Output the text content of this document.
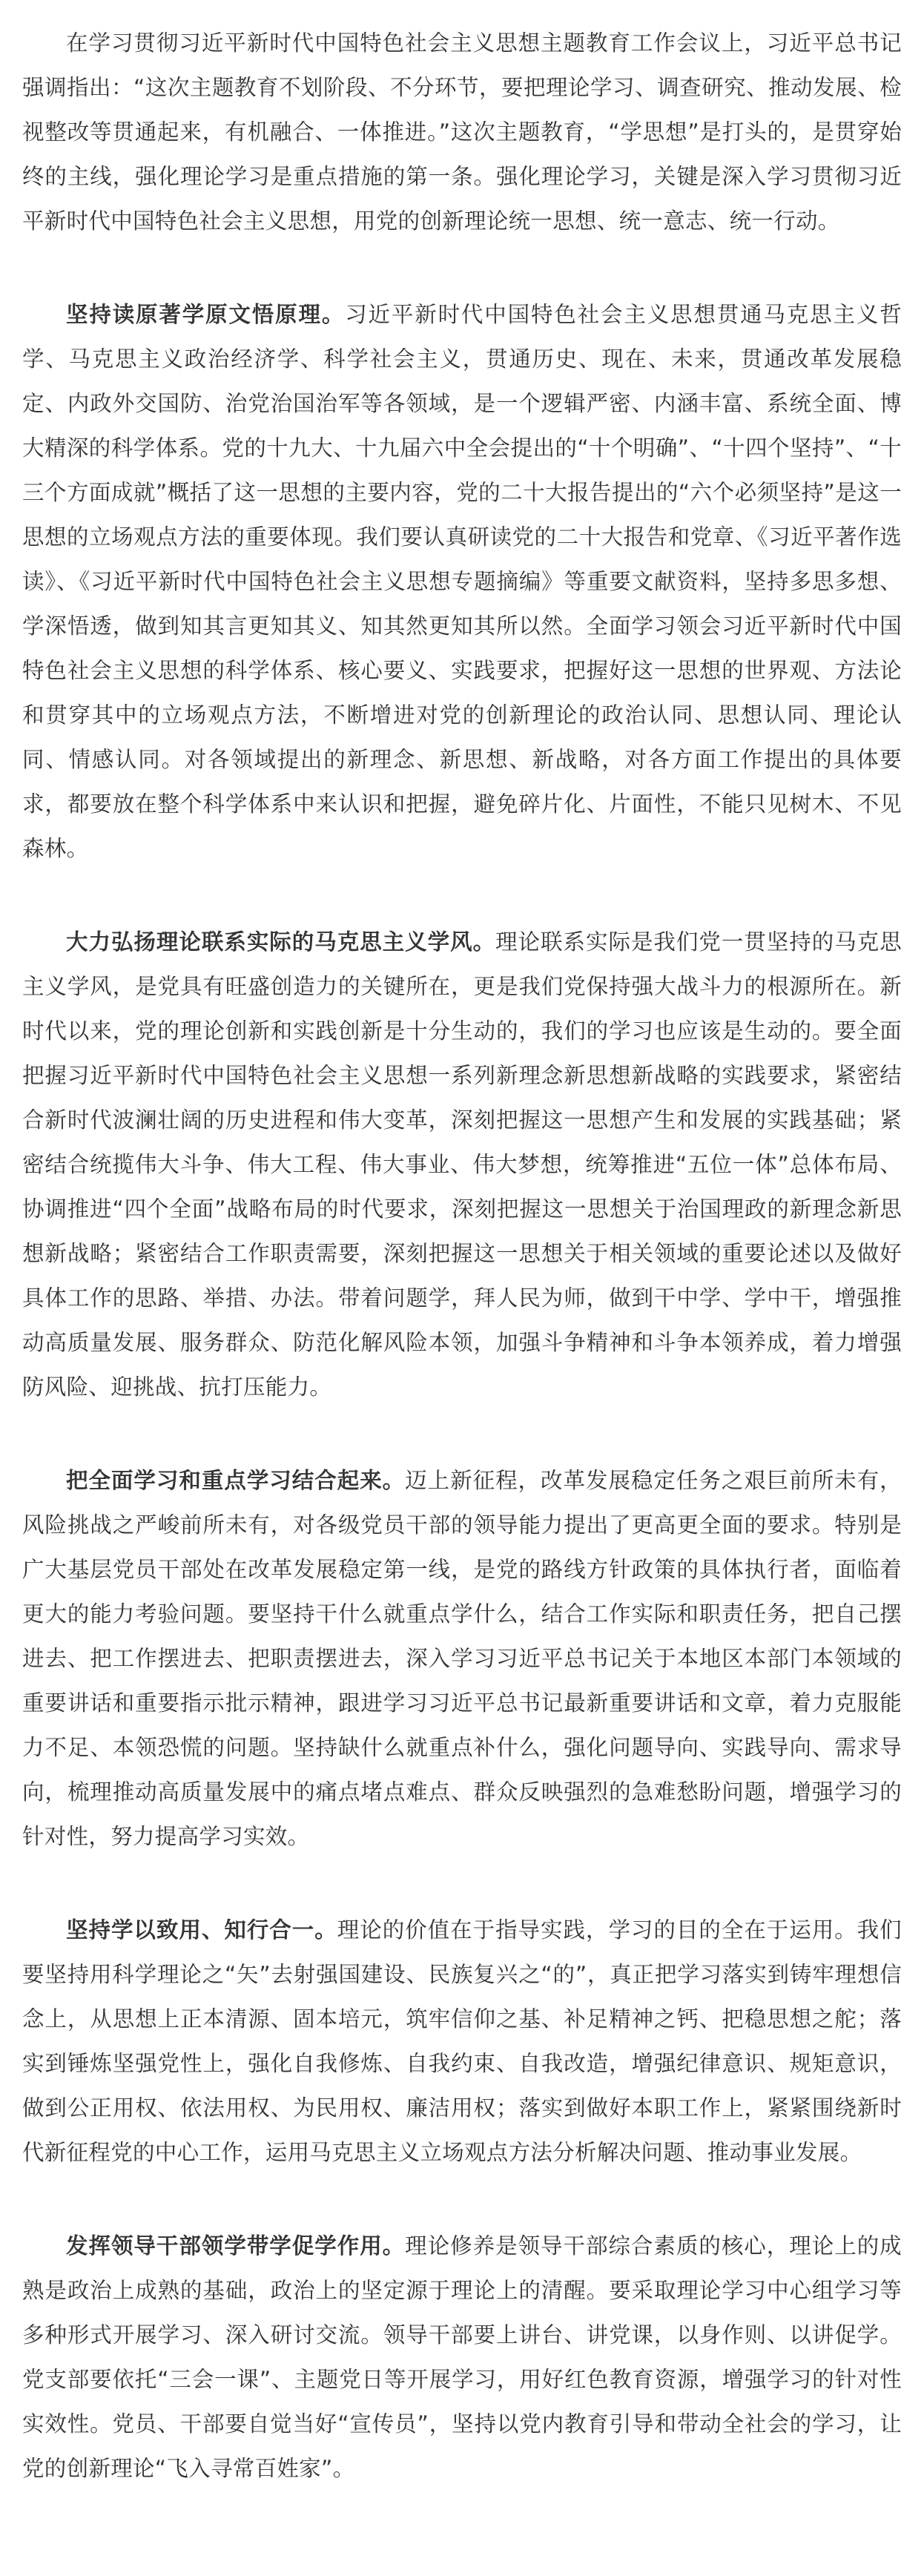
在学习贯彻习近平新时代中国特色社会主义思想主题教育工作会议上，习近平总书记强调指出：“这次主题教育不划阶段、不分环节，要把理论学习、调查研究、推动发展、检视整改等贯通起来，有机融合、一体推进。”这次主题教育，“学思想”是打头的，是贯穿始终的主线，强化理论学习是重点措施的第一条。强化理论学习，关键是深入学习贯彻习近平新时代中国特色社会主义思想，用党的创新理论统一思想、统一意志、统一行动。

坚持读原著学原文悟原理。习近平新时代中国特色社会主义思想贯通马克思主义哲学、马克思主义政治经济学、科学社会主义，贯通历史、现在、未来，贯通改革发展稳定、内政外交国防、治党治国治军等各领域，是一个逻辑严密、内涵丰富、系统全面、博大精深的科学体系。党的十九大、十九届六中全会提出的“十个明确”、“十四个坚持”、“十三个方面成就”概括了这一思想的主要内容，党的二十大报告提出的“六个必须坚持”是这一思想的立场观点方法的重要体现。我们要认真研读党的二十大报告和党章、《习近平著作选读》、《习近平新时代中国特色社会主义思想专题摘编》等重要文献资料，坚持多思多想、学深悟透，做到知其言更知其义、知其然更知其所以然。全面学习领会习近平新时代中国特色社会主义思想的科学体系、核心要义、实践要求，把握好这一思想的世界观、方法论和贯穿其中的立场观点方法，不断增进对党的创新理论的政治认同、思想认同、理论认同、情感认同。对各领域提出的新理念、新思想、新战略，对各方面工作提出的具体要求，都要放在整个科学体系中来认识和把握，避免碎片化、片面性，不能只见树木、不见森林。

大力弘扬理论联系实际的马克思主义学风。理论联系实际是我们党一贯坚持的马克思主义学风，是党具有旺盛创造力的关键所在，更是我们党保持强大战斗力的根源所在。新时代以来，党的理论创新和实践创新是十分生动的，我们的学习也应该是生动的。要全面把握习近平新时代中国特色社会主义思想一系列新理念新思想新战略的实践要求，紧密结合新时代波澜壮阔的历史进程和伟大变革，深刻把握这一思想产生和发展的实践基础；紧密结合统揽伟大斗争、伟大工程、伟大事业、伟大梦想，统筹推进“五位一体”总体布局、协调推进“四个全面”战略布局的时代要求，深刻把握这一思想关于治国理政的新理念新思想新战略；紧密结合工作职责需要，深刻把握这一思想关于相关领域的重要论述以及做好具体工作的思路、举措、办法。带着问题学，拜人民为师，做到干中学、学中干，增强推动高质量发展、服务群众、防范化解风险本领，加强斗争精神和斗争本领养成，着力增强防风险、迎挑战、抗打压能力。

把全面学习和重点学习结合起来。迈上新征程，改革发展稳定任务之艰巨前所未有，风险挑战之严峻前所未有，对各级党员干部的领导能力提出了更高更全面的要求。特别是广大基层党员干部处在改革发展稳定第一线，是党的路线方针政策的具体执行者，面临着更大的能力考验问题。要坚持干什么就重点学什么，结合工作实际和职责任务，把自己摆进去、把工作摆进去、把职责摆进去，深入学习习近平总书记关于本地区本部门本领域的重要讲话和重要指示批示精神，跟进学习习近平总书记最新重要讲话和文章，着力克服能力不足、本领恐慌的问题。坚持缺什么就重点补什么，强化问题导向、实践导向、需求导向，梳理推动高质量发展中的痛点堵点难点、群众反映强烈的急难愁盼问题，增强学习的针对性，努力提高学习实效。

坚持学以致用、知行合一。理论的价值在于指导实践，学习的目的全在于运用。我们要坚持用科学理论之“矢”去射强国建设、民族复兴之“的”，真正把学习落实到铸牢理想信念上，从思想上正本清源、固本培元，筑牢信仰之基、补足精神之钙、把稳思想之舵；落实到锤炼坚强党性上，强化自我修炼、自我约束、自我改造，增强纪律意识、规矩意识，做到公正用权、依法用权、为民用权、廉洁用权；落实到做好本职工作上，紧紧围绕新时代新征程党的中心工作，运用马克思主义立场观点方法分析解决问题、推动事业发展。

发挥领导干部领学带学促学作用。理论修养是领导干部综合素质的核心，理论上的成熟是政治上成熟的基础，政治上的坚定源于理论上的清醒。要采取理论学习中心组学习等多种形式开展学习、深入研讨交流。领导干部要上讲台、讲党课，以身作则、以讲促学。党支部要依托“三会一课”、主题党日等开展学习，用好红色教育资源，增强学习的针对性实效性。党员、干部要自觉当好“宣传员”，坚持以党内教育引导和带动全社会的学习，让党的创新理论“飞入寻常百姓家”。
